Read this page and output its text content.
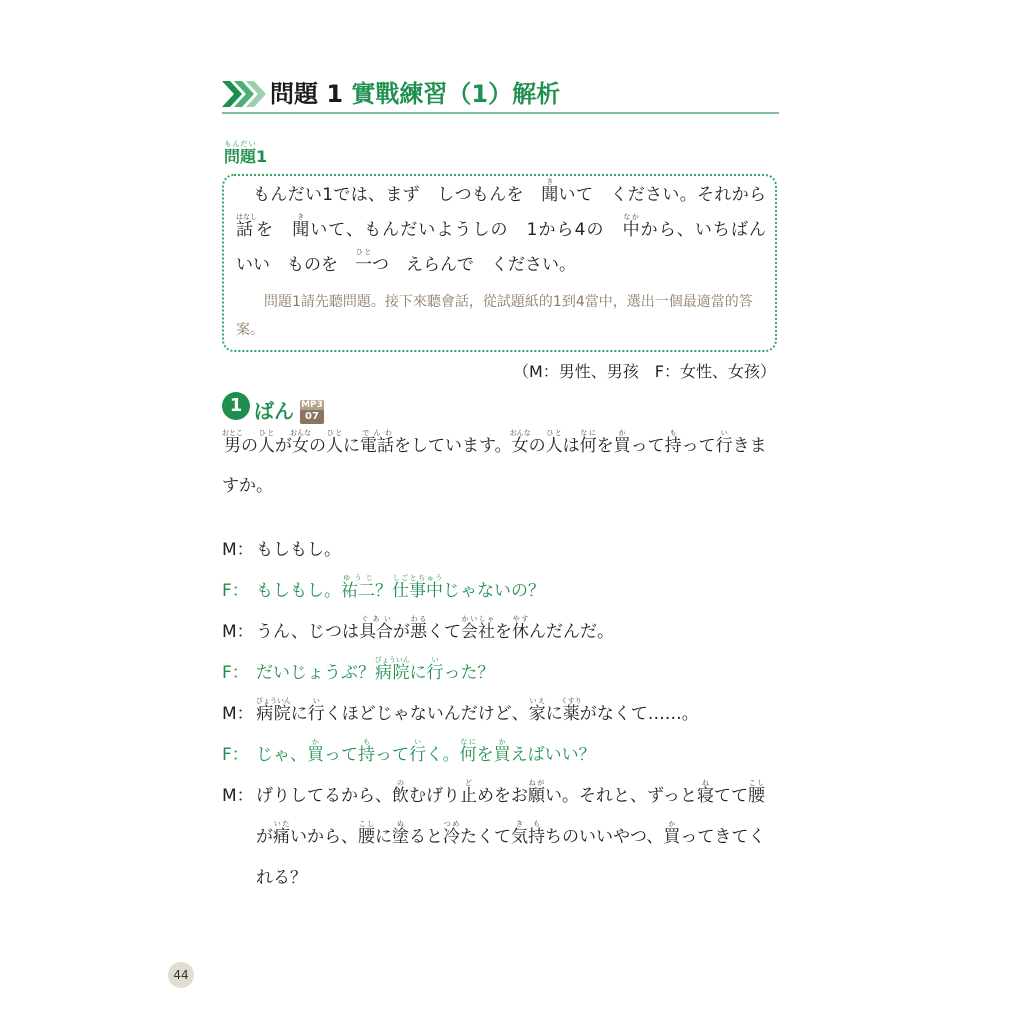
問題 1 實戰練習（1）解析
問題もんだい1
もんだい1では、まず　しつもんを　聞きいて　ください。それから　話はなしを　聞きいて、もんだいようしの　1から4の　中なかから、いちばん　いい　ものを　一ひとつ　えらんで　ください。
問題1請先聽問題。接下來聽會話，從試題紙的1到4當中，選出一個最適當的答案。
（M：男性、男孩　F：女性、女孩）
1 ばん MP3
07
男おとこの人ひとが女おんなの人ひとに電話でんわをしています。女おんなの人ひとは何なにを買かって持もって行いきますか。
M： もしもし。
F： もしもし。祐二ゆうじ？仕事中しごとちゅうじゃないの？
M： うん、じつは具合ぐあいが悪わるくて会社かいしゃを休やすんだんだ。
F： だいじょうぶ？病院びょういんに行いった？
M： 病院びょういんに行いくほどじゃないんだけど、家いえに薬くすりがなくて……。
F： じゃ、買かって持もって行いく。何なにを買かえばいい？
M： げりしてるから、飲のむげり止どめをお願ねがい。それと、ずっと寝ねてて腰こしが痛いたいから、腰こしに塗ぬると冷つめたくて気持きもちのいいやつ、買かってきてくれる？
44
